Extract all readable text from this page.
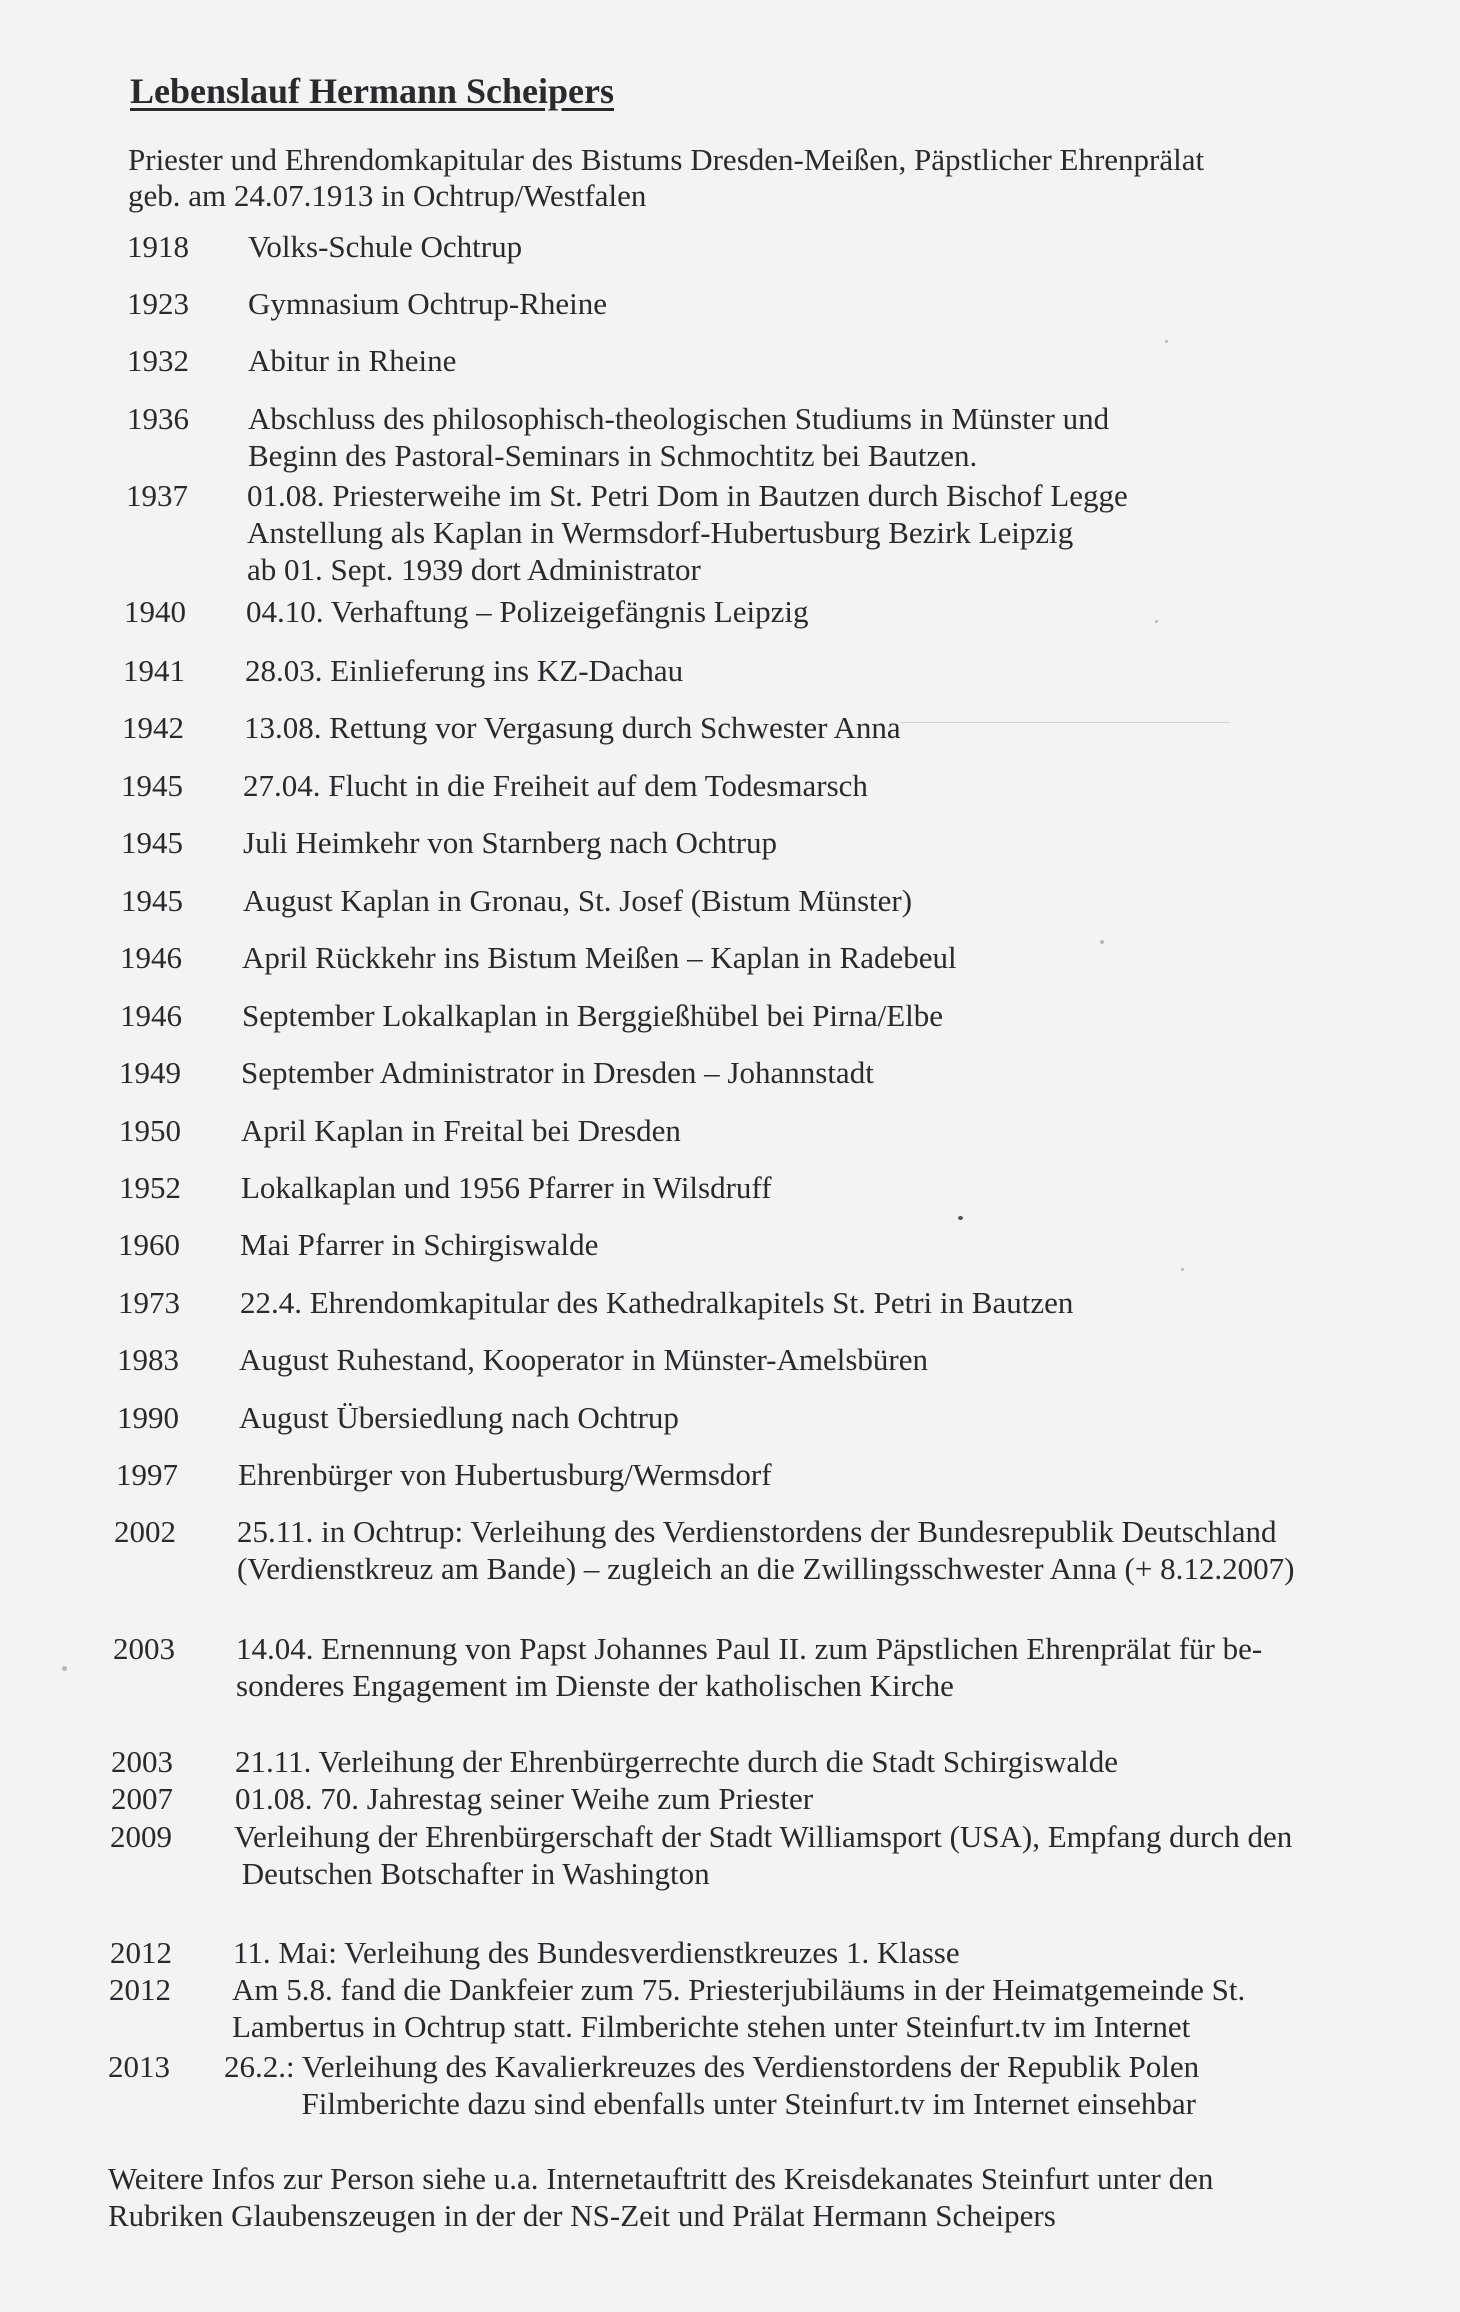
Lebenslauf Hermann Scheipers
Priester und Ehrendomkapitular des Bistums Dresden-Meißen, Päpstlicher Ehrenprälat
geb. am 24.07.1913 in Ochtrup/Westfalen
1918 Volks-Schule Ochtrup
1923 Gymnasium Ochtrup-Rheine
1932 Abitur in Rheine
1936 Abschluss des philosophisch-theologischen Studiums in Münster und
Beginn des Pastoral-Seminars in Schmochtitz bei Bautzen.
1937 01.08. Priesterweihe im St. Petri Dom in Bautzen durch Bischof Legge
Anstellung als Kaplan in Wermsdorf-Hubertusburg Bezirk Leipzig
ab 01. Sept. 1939 dort Administrator
1940 04.10. Verhaftung – Polizeigefängnis Leipzig
1941 28.03. Einlieferung ins KZ-Dachau
1942 13.08. Rettung vor Vergasung durch Schwester Anna
1945 27.04. Flucht in die Freiheit auf dem Todesmarsch
1945 Juli Heimkehr von Starnberg nach Ochtrup
1945 August Kaplan in Gronau, St. Josef (Bistum Münster)
1946 April Rückkehr ins Bistum Meißen – Kaplan in Radebeul
1946 September Lokalkaplan in Berggießhübel bei Pirna/Elbe
1949 September Administrator in Dresden – Johannstadt
1950 April Kaplan in Freital bei Dresden
1952 Lokalkaplan und 1956 Pfarrer in Wilsdruff
1960 Mai Pfarrer in Schirgiswalde
1973 22.4. Ehrendomkapitular des Kathedralkapitels St. Petri in Bautzen
1983 August Ruhestand, Kooperator in Münster-Amelsbüren
1990 August Übersiedlung nach Ochtrup
1997 Ehrenbürger von Hubertusburg/Wermsdorf
2002 25.11. in Ochtrup: Verleihung des Verdienstordens der Bundesrepublik Deutschland
(Verdienstkreuz am Bande) – zugleich an die Zwillingsschwester Anna (+ 8.12.2007)
2003 14.04. Ernennung von Papst Johannes Paul II. zum Päpstlichen Ehrenprälat für be-
sonderes Engagement im Dienste der katholischen Kirche
2003 21.11. Verleihung der Ehrenbürgerrechte durch die Stadt Schirgiswalde
2007 01.08. 70. Jahrestag seiner Weihe zum Priester
2009 Verleihung der Ehrenbürgerschaft der Stadt Williamsport (USA), Empfang durch den
Deutschen Botschafter in Washington
2012 11. Mai: Verleihung des Bundesverdienstkreuzes 1. Klasse
2012 Am 5.8. fand die Dankfeier zum 75. Priesterjubiläums in der Heimatgemeinde St.
Lambertus in Ochtrup statt. Filmberichte stehen unter Steinfurt.tv im Internet
2013 26.2.: Verleihung des Kavalierkreuzes des Verdienstordens der Republik Polen
Filmberichte dazu sind ebenfalls unter Steinfurt.tv im Internet einsehbar
Weitere Infos zur Person siehe u.a. Internetauftritt des Kreisdekanates Steinfurt unter den
Rubriken Glaubenszeugen in der der NS-Zeit und Prälat Hermann Scheipers
